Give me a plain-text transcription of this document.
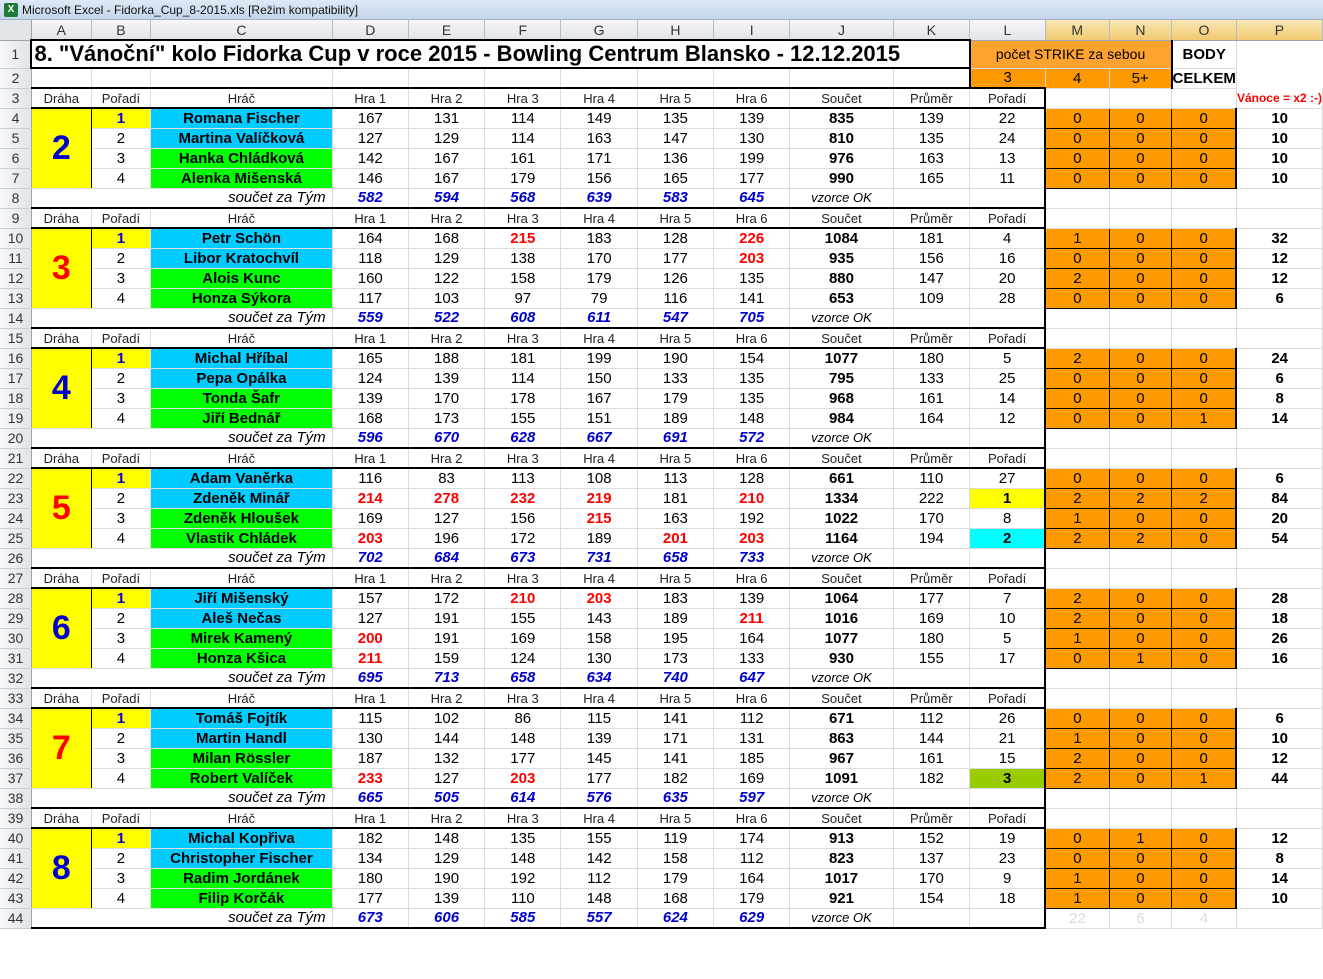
X Microsoft Excel - Fidorka_Cup_8-2015.xls [Režim kompatibility]
	A	B	C	D	E	F	G	H	I	J	K	L	M	N	O	P
1	8. "Vánoční" kolo Fidorka Cup v roce 2015 - Bowling Centrum Blansko - 12.12.2015											počet STRIKE za sebou			BODY	
2												3	4	5+	CELKEM	
3	Dráha	Pořadí	Hráč	Hra 1	Hra 2	Hra 3	Hra 4	Hra 5	Hra 6	Součet	Průměr	Pořadí				Vánoce = x2 :-)
4	2	1	Romana Fischer	167	131	114	149	135	139	835	139	22	0	0	0	10
5		2	Martina Valíčková	127	129	114	163	147	130	810	135	24	0	0	0	10
6		3	Hanka Chládková	142	167	161	171	136	199	976	163	13	0	0	0	10
7		4	Alenka Mišenská	146	167	179	156	165	177	990	165	11	0	0	0	10
8	součet za Tým			582	594	568	639	583	645	vzorce OK						
9	Dráha	Pořadí	Hráč	Hra 1	Hra 2	Hra 3	Hra 4	Hra 5	Hra 6	Součet	Průměr	Pořadí				
10	3	1	Petr Schön	164	168	215	183	128	226	1084	181	4	1	0	0	32
11		2	Libor Kratochvíl	118	129	138	170	177	203	935	156	16	0	0	0	12
12		3	Alois Kunc	160	122	158	179	126	135	880	147	20	2	0	0	12
13		4	Honza Sýkora	117	103	97	79	116	141	653	109	28	0	0	0	6
14	součet za Tým			559	522	608	611	547	705	vzorce OK						
15	Dráha	Pořadí	Hráč	Hra 1	Hra 2	Hra 3	Hra 4	Hra 5	Hra 6	Součet	Průměr	Pořadí				
16	4	1	Michal Hříbal	165	188	181	199	190	154	1077	180	5	2	0	0	24
17		2	Pepa Opálka	124	139	114	150	133	135	795	133	25	0	0	0	6
18		3	Tonda Šafr	139	170	178	167	179	135	968	161	14	0	0	0	8
19		4	Jiří Bednář	168	173	155	151	189	148	984	164	12	0	0	1	14
20	součet za Tým			596	670	628	667	691	572	vzorce OK						
21	Dráha	Pořadí	Hráč	Hra 1	Hra 2	Hra 3	Hra 4	Hra 5	Hra 6	Součet	Průměr	Pořadí				
22	5	1	Adam Vaněrka	116	83	113	108	113	128	661	110	27	0	0	0	6
23		2	Zdeněk Minář	214	278	232	219	181	210	1334	222	1	2	2	2	84
24		3	Zdeněk Hloušek	169	127	156	215	163	192	1022	170	8	1	0	0	20
25		4	Vlastik Chládek	203	196	172	189	201	203	1164	194	2	2	2	0	54
26	součet za Tým			702	684	673	731	658	733	vzorce OK						
27	Dráha	Pořadí	Hráč	Hra 1	Hra 2	Hra 3	Hra 4	Hra 5	Hra 6	Součet	Průměr	Pořadí				
28	6	1	Jiří Mišenský	157	172	210	203	183	139	1064	177	7	2	0	0	28
29		2	Aleš Nečas	127	191	155	143	189	211	1016	169	10	2	0	0	18
30		3	Mirek Kamený	200	191	169	158	195	164	1077	180	5	1	0	0	26
31		4	Honza Kšica	211	159	124	130	173	133	930	155	17	0	1	0	16
32	součet za Tým			695	713	658	634	740	647	vzorce OK						
33	Dráha	Pořadí	Hráč	Hra 1	Hra 2	Hra 3	Hra 4	Hra 5	Hra 6	Součet	Průměr	Pořadí				
34	7	1	Tomáš Fojtík	115	102	86	115	141	112	671	112	26	0	0	0	6
35		2	Martin Handl	130	144	148	139	171	131	863	144	21	1	0	0	10
36		3	Milan Rössler	187	132	177	145	141	185	967	161	15	2	0	0	12
37		4	Robert Valíček	233	127	203	177	182	169	1091	182	3	2	0	1	44
38	součet za Tým			665	505	614	576	635	597	vzorce OK						
39	Dráha	Pořadí	Hráč	Hra 1	Hra 2	Hra 3	Hra 4	Hra 5	Hra 6	Součet	Průměr	Pořadí				
40	8	1	Michal Kopřiva	182	148	135	155	119	174	913	152	19	0	1	0	12
41		2	Christopher Fischer	134	129	148	142	158	112	823	137	23	0	0	0	8
42		3	Radim Jordánek	180	190	192	112	179	164	1017	170	9	1	0	0	14
43		4	Filip Korčák	177	139	110	148	168	179	921	154	18	1	0	0	10
44	součet za Tým			673	606	585	557	624	629	vzorce OK			22	6	4	
